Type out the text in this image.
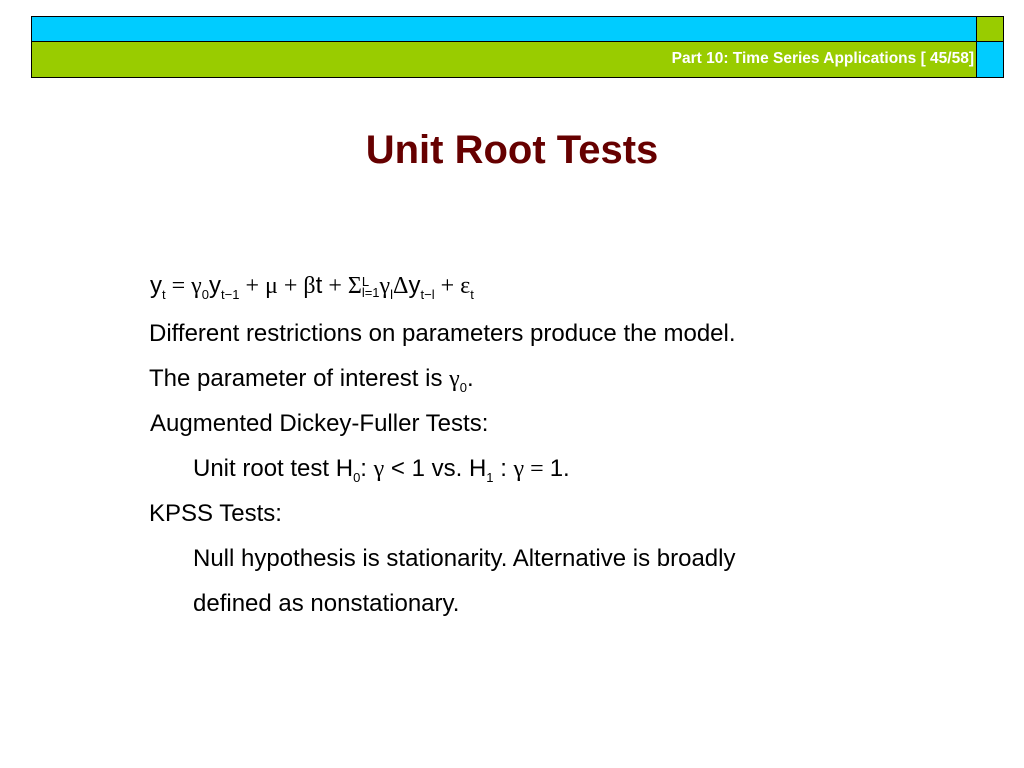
Part 10: Time Series Applications [ 45/58]
Unit Root Tests
$y_t = \gamma_0y_{t-1} + \mu + \beta t + \Sigma L$
$l=1\gamma_l\Delta y_{t-l} + \varepsilon_t$
Different restrictions on parameters produce the model.
The parameter of interest is $\gamma_0$.
Augmented Dickey-Fuller Tests:
Unit root test $H_0$: γ < 1 vs. $H_1$ : γ = 1.
KPSS Tests:
Null hypothesis is stationarity. Alternative is broadly
defined as nonstationary.
